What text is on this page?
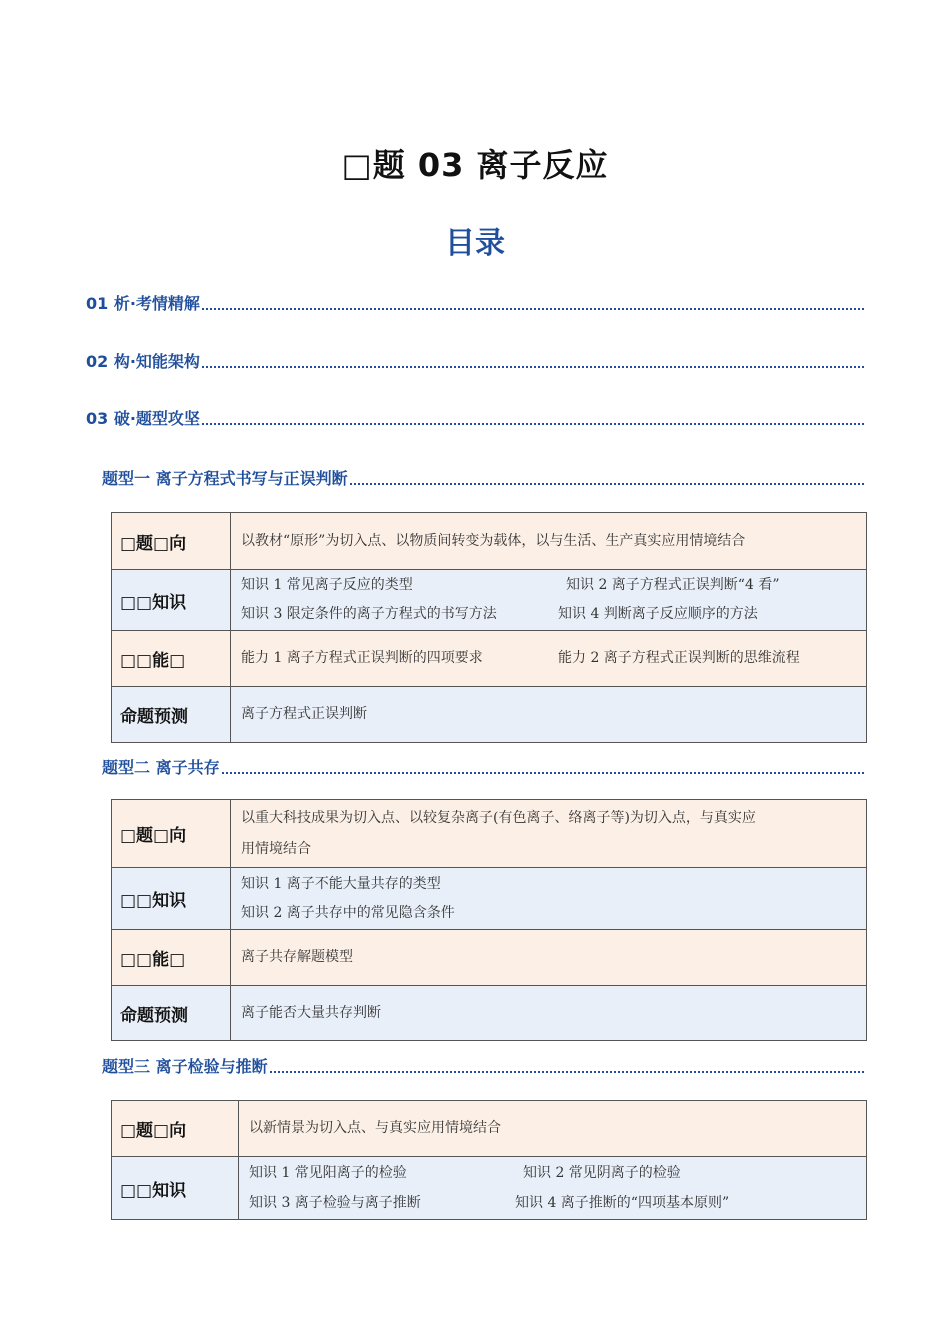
□题 03 离子反应
目录
01 析·考情精解
02 构·知能架构
03 破·题型攻坚
题型一 离子方程式书写与正误判断
□题□向	以教材“原形”为切入点、以物质间转变为载体，以与生活、生产真实应用情境结合

□□知识	知识 1 常见离子反应的类型 知识 2 离子方程式正误判断“4 看”
知识 3 限定条件的离子方程式的书写方法 知识 4 判断离子反应顺序的方法

□□能□	能力 1 离子方程式正误判断的四项要求 能力 2 离子方程式正误判断的思维流程

命题预测	离子方程式正误判断
题型二 离子共存
□题□向	以重大科技成果为切入点、以较复杂离子(有色离子、络离子等)为切入点，与真实应
用情境结合

□□知识	知识 1 离子不能大量共存的类型
知识 2 离子共存中的常见隐含条件

□□能□	离子共存解题模型

命题预测	离子能否大量共存判断
题型三 离子检验与推断
□题□向	以新情景为切入点、与真实应用情境结合

□□知识	知识 1 常见阳离子的检验 知识 2 常见阴离子的检验
知识 3 离子检验与离子推断 知识 4 离子推断的“四项基本原则”
